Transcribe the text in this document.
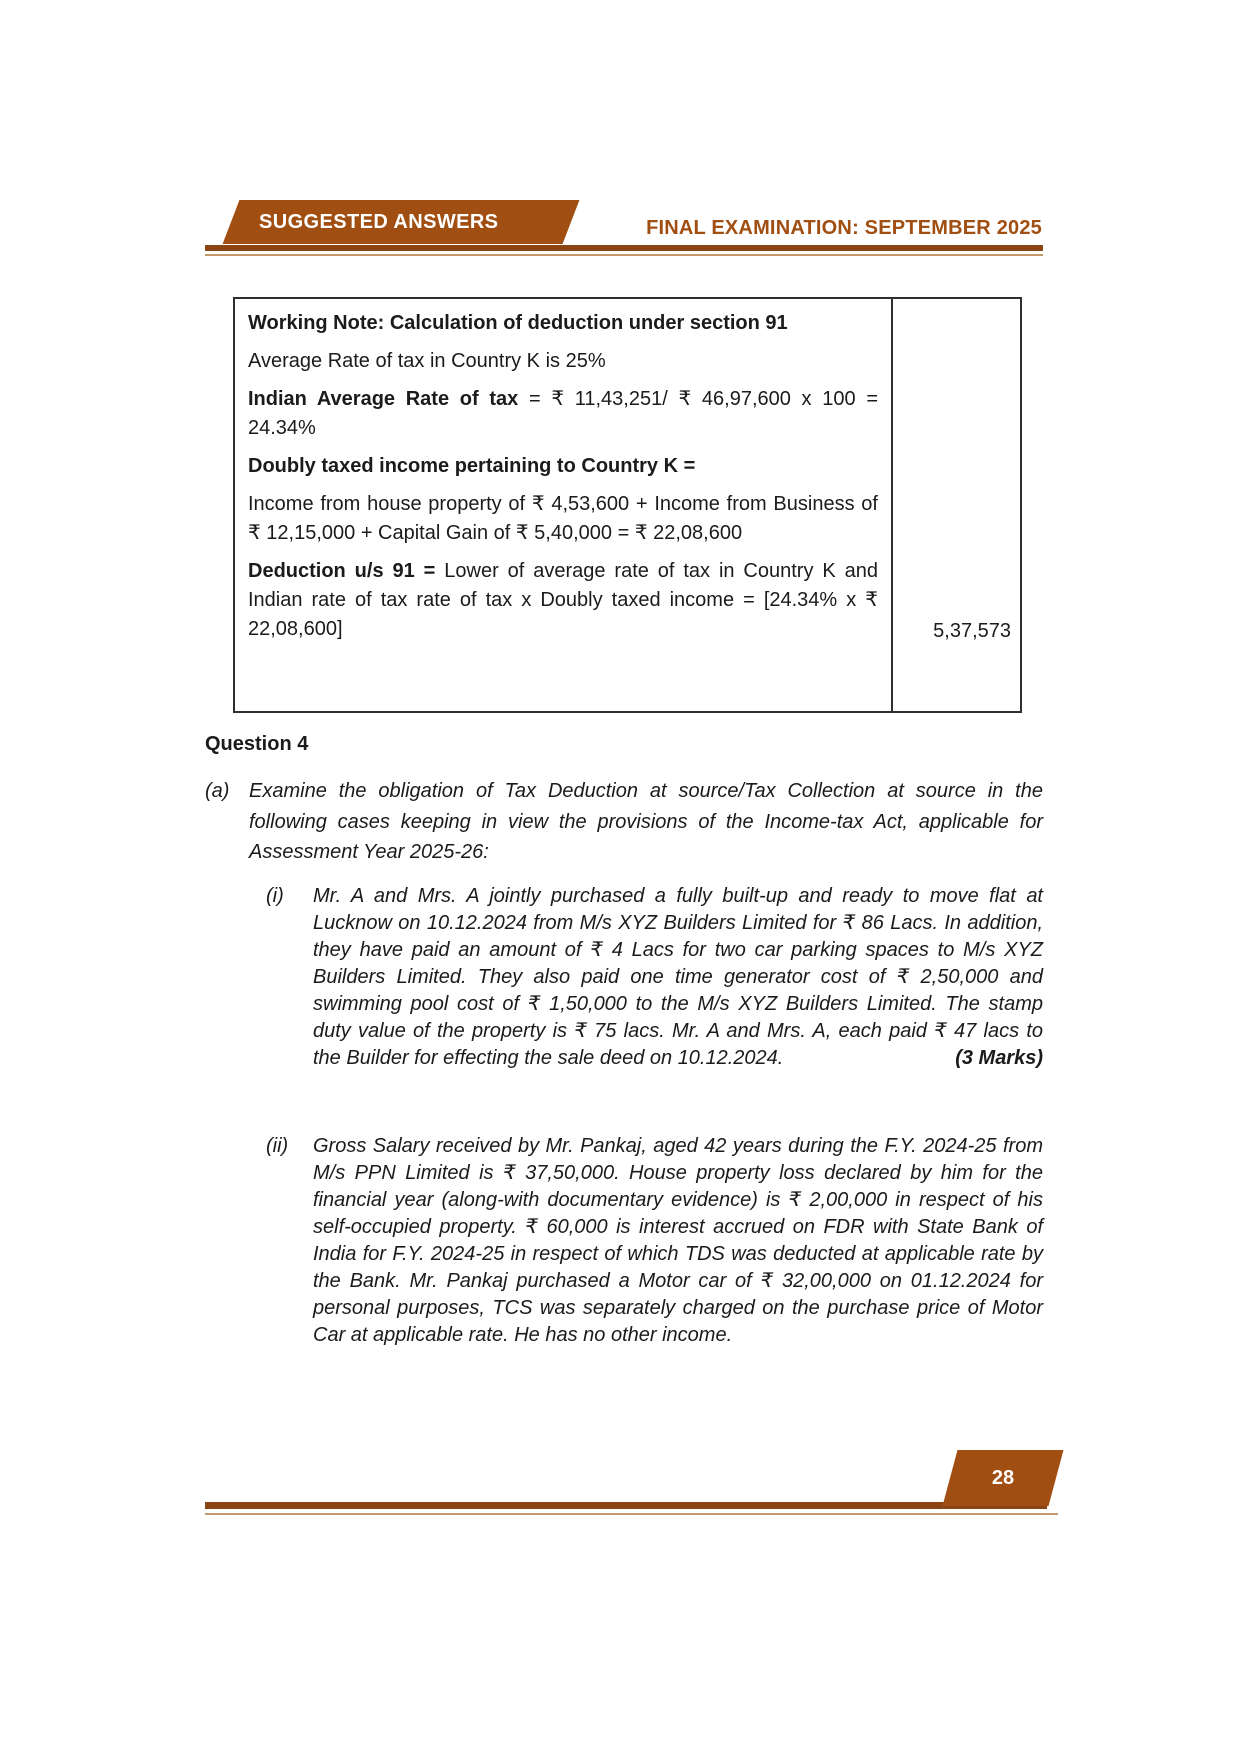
SUGGESTED ANSWERS	FINAL EXAMINATION: SEPTEMBER 2025

Working Note: Calculation of deduction under section 91

Average Rate of tax in Country K is 25%

Indian Average Rate of tax = ₹ 11,43,251/ ₹ 46,97,600 x 100 = 24.34%

Doubly taxed income pertaining to Country K =

Income from house property of ₹ 4,53,600 + Income from Business of ₹ 12,15,000 + Capital Gain of ₹ 5,40,000 = ₹ 22,08,600

Deduction u/s 91 = Lower of average rate of tax in Country K and Indian rate of tax rate of tax x Doubly taxed income = [24.34% x ₹ 22,08,600]	5,37,573
Question 4
(a) Examine the obligation of Tax Deduction at source/Tax Collection at source in the following cases keeping in view the provisions of the Income-tax Act, applicable for Assessment Year 2025-26:
(i) Mr. A and Mrs. A jointly purchased a fully built-up and ready to move flat at Lucknow on 10.12.2024 from M/s XYZ Builders Limited for ₹ 86 Lacs. In addition, they have paid an amount of ₹ 4 Lacs for two car parking spaces to M/s XYZ Builders Limited. They also paid one time generator cost of ₹ 2,50,000 and swimming pool cost of ₹ 1,50,000 to the M/s XYZ Builders Limited. The stamp duty value of the property is ₹ 75 lacs. Mr. A and Mrs. A, each paid ₹ 47 lacs to the Builder for effecting the sale deed on 10.12.2024.	(3 Marks)
(ii) Gross Salary received by Mr. Pankaj, aged 42 years during the F.Y. 2024-25 from M/s PPN Limited is ₹ 37,50,000. House property loss declared by him for the financial year (along-with documentary evidence) is ₹ 2,00,000 in respect of his self-occupied property. ₹ 60,000 is interest accrued on FDR with State Bank of India for F.Y. 2024-25 in respect of which TDS was deducted at applicable rate by the Bank. Mr. Pankaj purchased a Motor car of ₹ 32,00,000 on 01.12.2024 for personal purposes, TCS was separately charged on the purchase price of Motor Car at applicable rate. He has no other income.
28
